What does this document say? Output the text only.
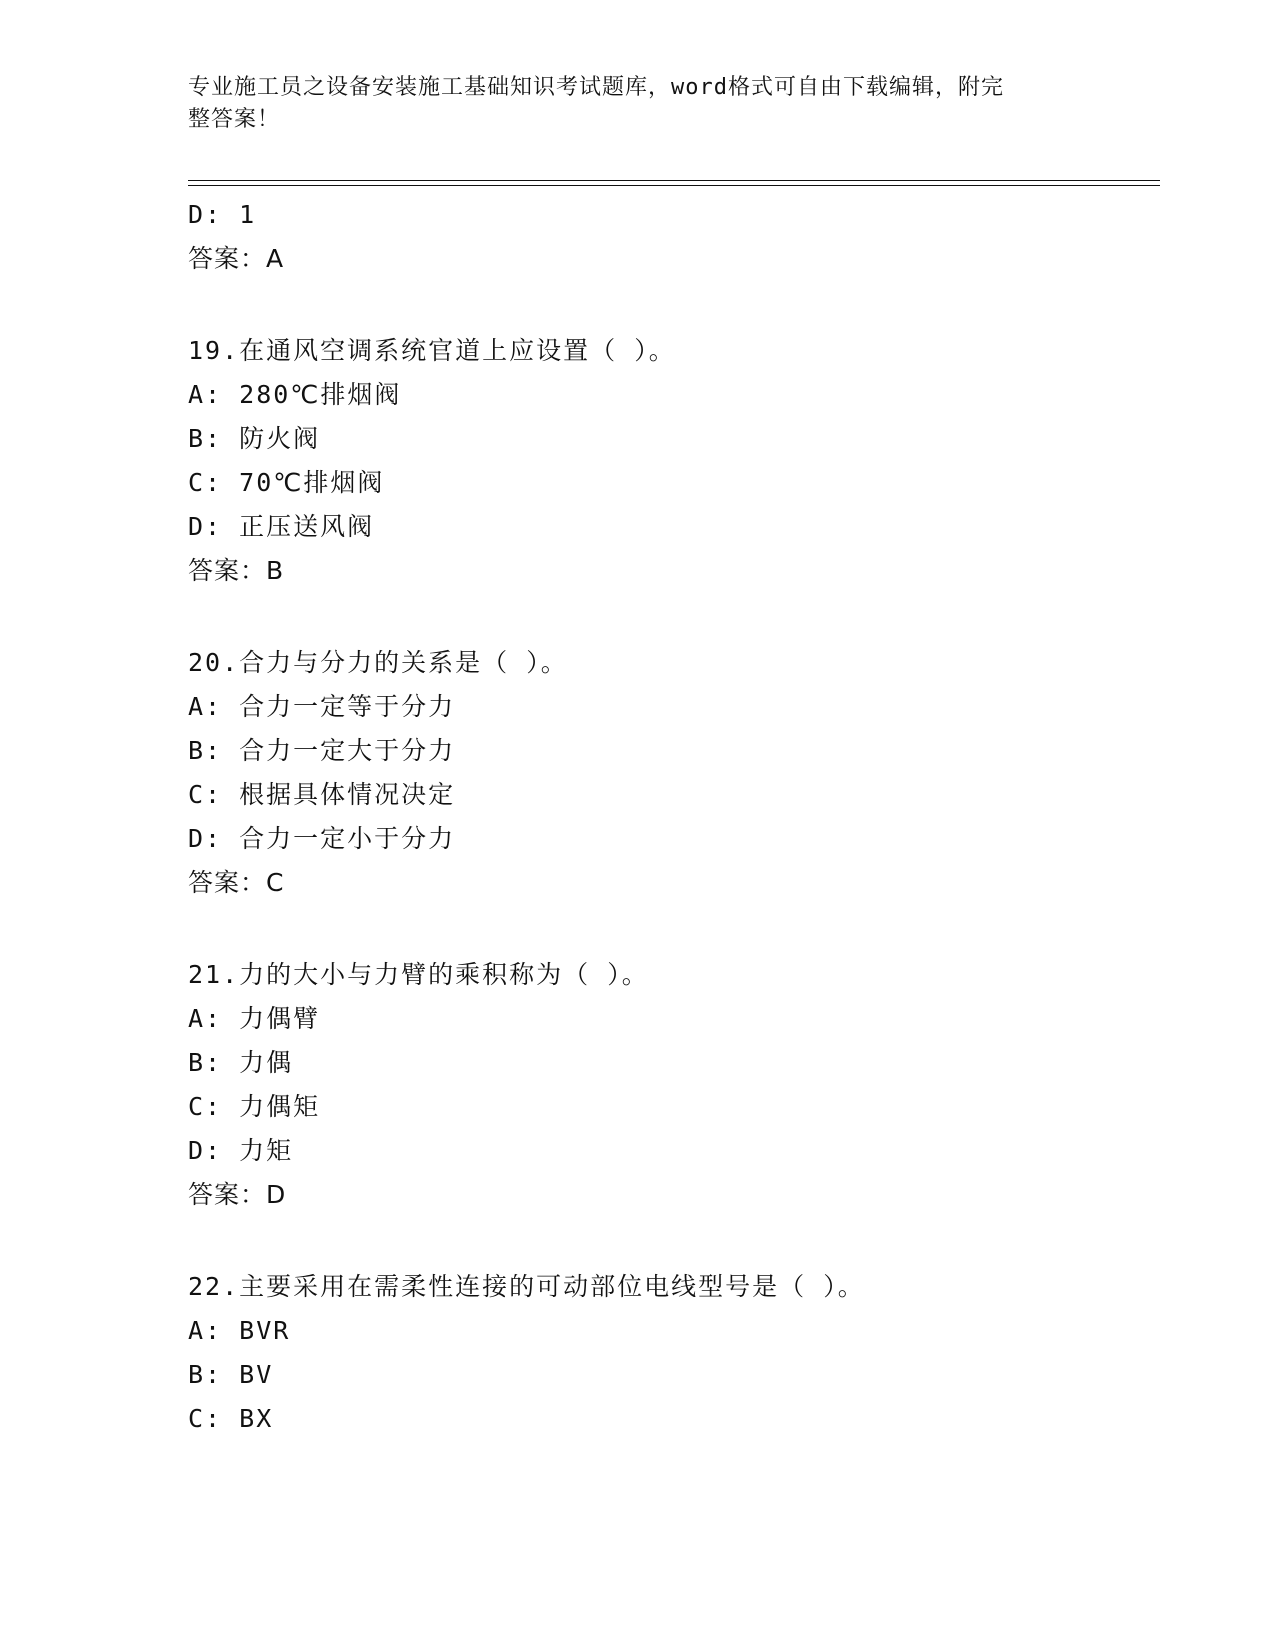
专业施工员之设备安装施工基础知识考试题库，word格式可自由下载编辑，附完
整答案！
D: 1
答案：A
19.在通风空调系统官道上应设置（ ）。
A: 280℃排烟阀
B: 防火阀
C: 70℃排烟阀
D: 正压送风阀
答案：B
20.合力与分力的关系是（ ）。
A: 合力一定等于分力
B: 合力一定大于分力
C: 根据具体情况决定
D: 合力一定小于分力
答案：C
21.力的大小与力臂的乘积称为（ ）。
A: 力偶臂
B: 力偶
C: 力偶矩
D: 力矩
答案：D
22.主要采用在需柔性连接的可动部位电线型号是（ ）。
A: BVR
B: BV
C: BX
